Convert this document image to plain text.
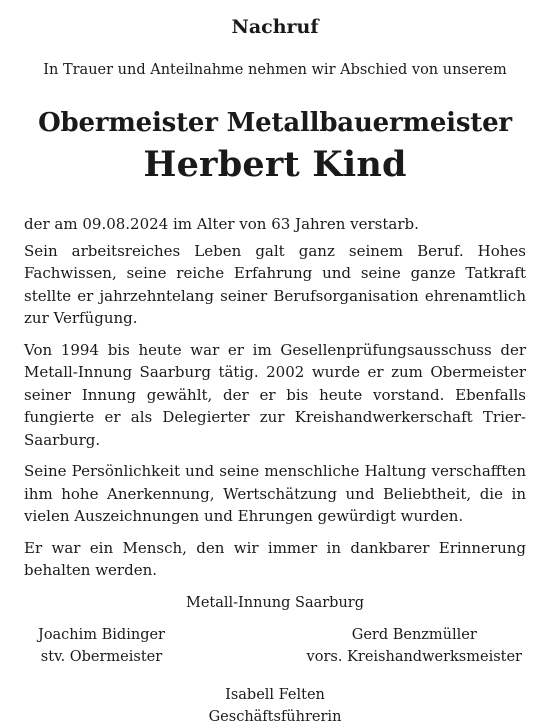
Nachruf
In Trauer und Anteilnahme nehmen wir Abschied von unserem
Obermeister Metallbauermeister
Herbert Kind

der am 09.08.2024 im Alter von 63 Jahren verstarb.

Sein arbeitsreiches Leben galt ganz seinem Beruf. Hohes Fachwissen, seine reiche Erfahrung und seine ganze Tatkraft stellte er jahrzehntelang seiner Berufsorganisation ehrenamtlich zur Verfügung.

Von 1994 bis heute war er im Gesellenprüfungsausschuss der Metall-Innung Saarburg tätig. 2002 wurde er zum Obermeister seiner Innung gewählt, der er bis heute vorstand. Ebenfalls fungierte er als Delegierter zur Kreishandwerkerschaft Trier-Saarburg.

Seine Persönlichkeit und seine menschliche Haltung verschafften ihm hohe Anerkennung, Wertschätzung und Beliebtheit, die in vielen Auszeichnungen und Ehrungen gewürdigt wurden.

Er war ein Mensch, den wir immer in dankbarer Erinnerung behalten werden.

Metall-Innung Saarburg
Joachim Bidinger
stv. Obermeister
Gerd Benzmüller
vors. Kreishandwerksmeister
Isabell Felten
Geschäftsführerin
